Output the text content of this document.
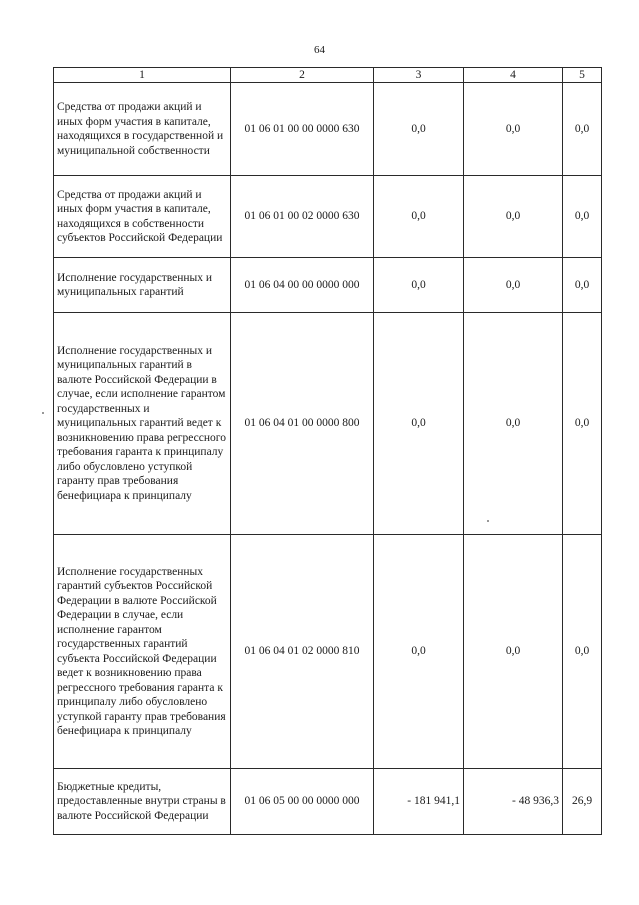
64
1	2	3	4	5
Средства от продажи акций и иных форм участия в капитале, находящихся в государственной и муниципальной собственности	01 06 01 00 00 0000 630	0,0	0,0	0,0
Средства от продажи акций и иных форм участия в капитале, находящихся в собственности субъектов Российской Федерации	01 06 01 00 02 0000 630	0,0	0,0	0,0
Исполнение государственных и муниципальных гарантий	01 06 04 00 00 0000 000	0,0	0,0	0,0
Исполнение государственных и муниципальных гарантий в валюте Российской Федерации в случае, если исполнение гарантом государственных и муниципальных гарантий ведет к возникновению права регрессного требования гаранта к принципалу либо обусловлено уступкой гаранту прав требования бенефициара к принципалу	01 06 04 01 00 0000 800	0,0	0,0	0,0
Исполнение государственных гарантий субъектов Российской Федерации в валюте Российской Федерации в случае, если исполнение гарантом государственных гарантий субъекта Российской Федерации ведет к возникновению права регрессного требования гаранта к принципалу либо обусловлено уступкой гаранту прав требования бенефициара к принципалу	01 06 04 01 02 0000 810	0,0	0,0	0,0
Бюджетные кредиты, предоставленные внутри страны в валюте Российской Федерации	01 06 05 00 00 0000 000	- 181 941,1	- 48 936,3	26,9
